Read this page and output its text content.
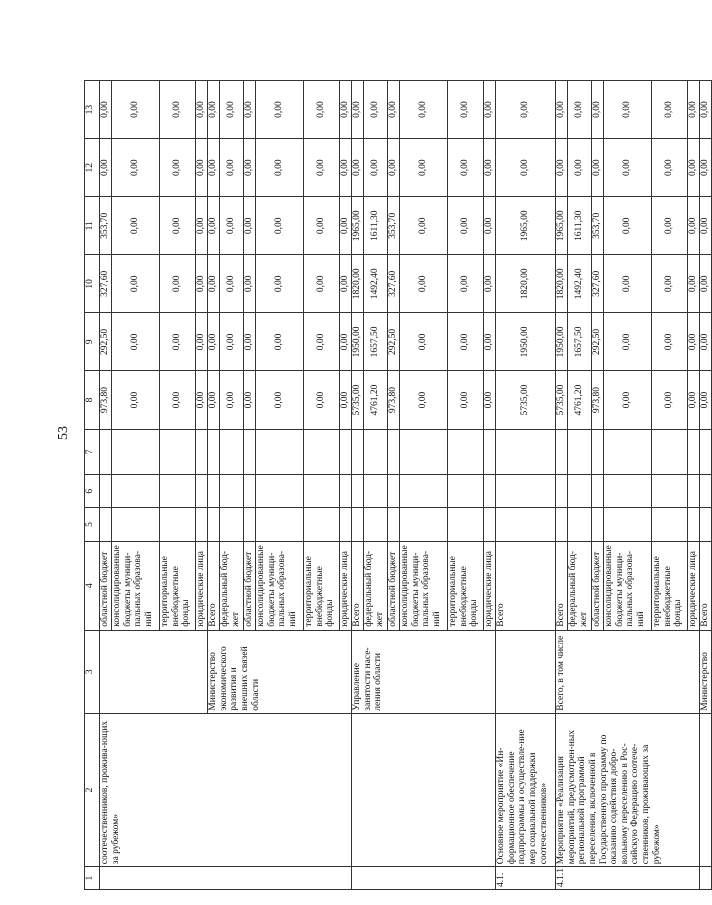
53
1	2	3	4	5	6	7	8	9	10	11	12	13
	соотечественников, прожива-ющих за рубежом»		областной бюджет				973,80	292,50	327,60	353,70	0,00	0,00
			консолидированные бюджеты муници-пальных образова-ний				0,00	0,00	0,00	0,00	0,00	0,00
			территориальные внебюджетные фонды				0,00	0,00	0,00	0,00	0,00	0,00
			юридические лица				0,00	0,00	0,00	0,00	0,00	0,00
		Министерство экономического развития и внешних связей области	Всего				0,00	0,00	0,00	0,00	0,00	0,00
			федеральный бюд-жет				0,00	0,00	0,00	0,00	0,00	0,00
			областной бюджет				0,00	0,00	0,00	0,00	0,00	0,00
			консолидированные бюджеты муници-пальных образова-ний				0,00	0,00	0,00	0,00	0,00	0,00
			территориальные внебюджетные фонды				0,00	0,00	0,00	0,00	0,00	0,00
			юридические лица				0,00	0,00	0,00	0,00	0,00	0,00
		Управление занятости насе-ления области	Всего				5735,00	1950,00	1820,00	1965,00	0,00	0,00
			федеральный бюд-жет				4761,20	1657,50	1492,40	1611,30	0,00	0,00
			областной бюджет				973,80	292,50	327,60	353,70	0,00	0,00
			консолидированные бюджеты муници-пальных образова-ний				0,00	0,00	0,00	0,00	0,00	0,00
			территориальные внебюджетные фонды				0,00	0,00	0,00	0,00	0,00	0,00
			юридические лица				0,00	0,00	0,00	0,00	0,00	0,00
4.1.	Основное мероприятие «Ин-формационное обеспечение подпрограммы и осуществле-ние мер социальной поддержки соотечественников»		Всего				5735,00	1950,00	1820,00	1965,00	0,00	0,00
4.1.1	Мероприятие «Реализация мероприятий, предусмотрен-ных региональной программой переселения, включенной в Государственную программу по оказанию содействия добро-вольному переселению в Рос-сийскую Федерацию соотече-ственников, проживающих за рубежом»	Всего, в том числе	Всего				5735,00	1950,00	1820,00	1965,00	0,00	0,00
			федеральный бюд-жет				4761,20	1657,50	1492,40	1611,30	0,00	0,00
			областной бюджет				973,80	292,50	327,60	353,70	0,00	0,00
			консолидированные бюджеты муници-пальных образова-ний				0,00	0,00	0,00	0,00	0,00	0,00
			территориальные внебюджетные фонды				0,00	0,00	0,00	0,00	0,00	0,00
			юридические лица				0,00	0,00	0,00	0,00	0,00	0,00
		Министерство	Всего				0,00	0,00	0,00	0,00	0,00	0,00
